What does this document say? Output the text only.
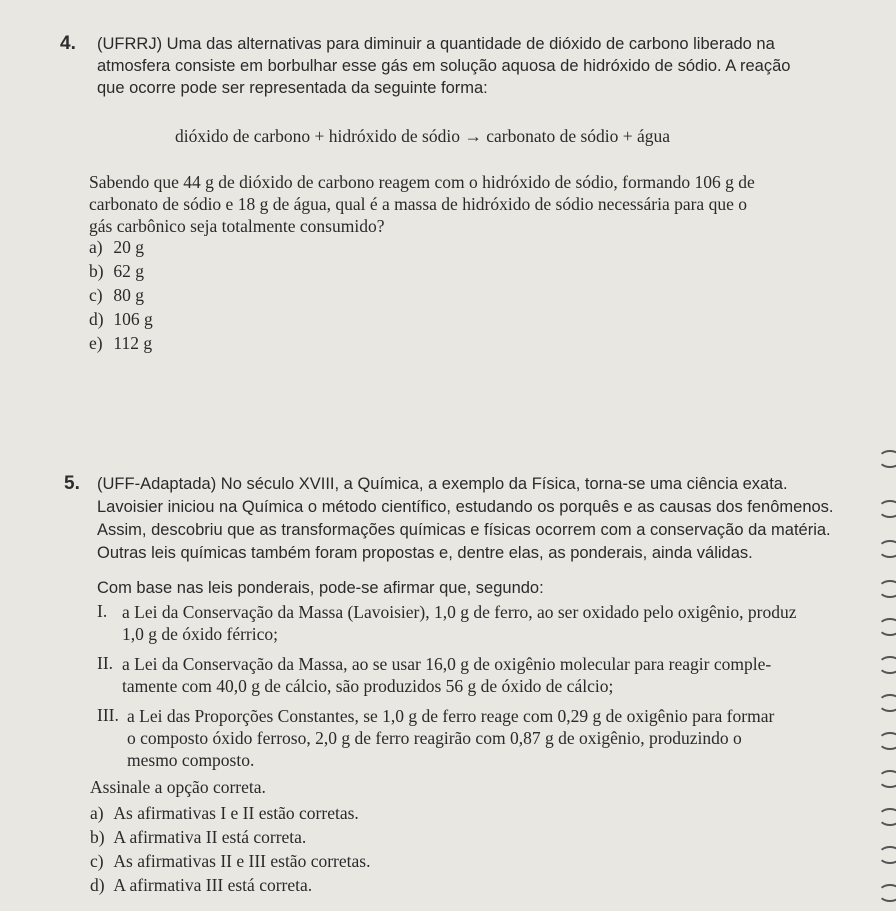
4. (UFRRJ) Uma das alternativas para diminuir a quantidade de dióxido de carbono liberado na
atmosfera consiste em borbulhar esse gás em solução aquosa de hidróxido de sódio. A reação
que ocorre pode ser representada da seguinte forma:
dióxido de carbono + hidróxido de sódio → carbonato de sódio + água
Sabendo que 44 g de dióxido de carbono reagem com o hidróxido de sódio, formando 106 g de
carbonato de sódio e 18 g de água, qual é a massa de hidróxido de sódio necessária para que o
gás carbônico seja totalmente consumido?
a) 20 g
b) 62 g
c) 80 g
d) 106 g
e) 112 g
5. (UFF-Adaptada) No século XVIII, a Química, a exemplo da Física, torna-se uma ciência exata.
Lavoisier iniciou na Química o método científico, estudando os porquês e as causas dos fenômenos.
Assim, descobriu que as transformações químicas e físicas ocorrem com a conservação da matéria.
Outras leis químicas também foram propostas e, dentre elas, as ponderais, ainda válidas.
Com base nas leis ponderais, pode-se afirmar que, segundo:
I. a Lei da Conservação da Massa (Lavoisier), 1,0 g de ferro, ao ser oxidado pelo oxigênio, produz
1,0 g de óxido férrico;
II. a Lei da Conservação da Massa, ao se usar 16,0 g de oxigênio molecular para reagir comple-
tamente com 40,0 g de cálcio, são produzidos 56 g de óxido de cálcio;
III. a Lei das Proporções Constantes, se 1,0 g de ferro reage com 0,29 g de oxigênio para formar
o composto óxido ferroso, 2,0 g de ferro reagirão com 0,87 g de oxigênio, produzindo o
mesmo composto.
Assinale a opção correta.
a) As afirmativas I e II estão corretas.
b) A afirmativa II está correta.
c) As afirmativas II e III estão corretas.
d) A afirmativa III está correta.
